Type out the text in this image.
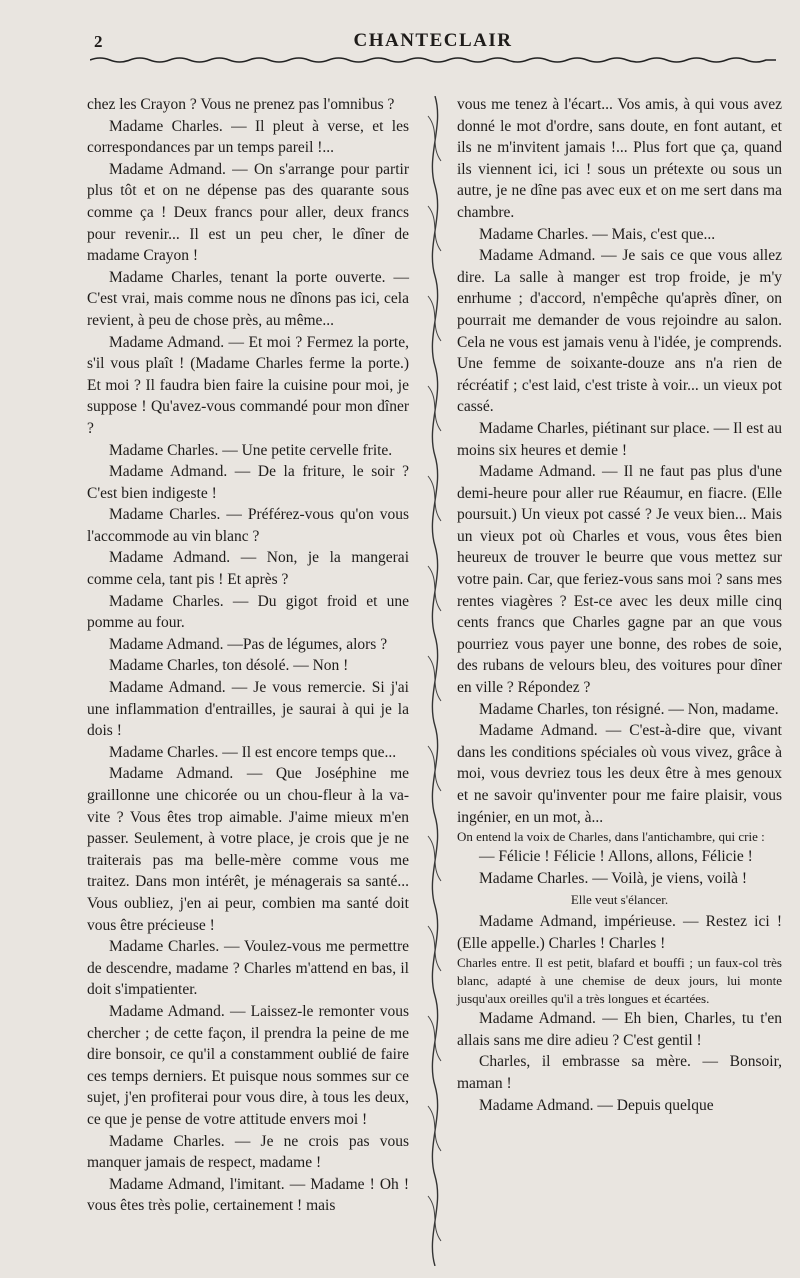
2	CHANTECLAIR

chez les Crayon ? Vous ne prenez pas l'omnibus ?

Madame Charles. — Il pleut à verse, et les correspondances par un temps pareil !...

Madame Admand. — On s'arrange pour partir plus tôt et on ne dépense pas des quarante sous comme ça ! Deux francs pour aller, deux francs pour revenir... Il est un peu cher, le dîner de madame Crayon !

Madame Charles, tenant la porte ouverte. — C'est vrai, mais comme nous ne dînons pas ici, cela revient, à peu de chose près, au même...

Madame Admand. — Et moi ? Fermez la porte, s'il vous plaît ! (Madame Charles ferme la porte.) Et moi ? Il faudra bien faire la cuisine pour moi, je suppose ! Qu'avez-vous commandé pour mon dîner ?

Madame Charles. — Une petite cervelle frite.

Madame Admand. — De la friture, le soir ? C'est bien indigeste !

Madame Charles. — Préférez-vous qu'on vous l'accommode au vin blanc ?

Madame Admand. — Non, je la mangerai comme cela, tant pis ! Et après ?

Madame Charles. — Du gigot froid et une pomme au four.

Madame Admand. —Pas de légumes, alors ?

Madame Charles, ton désolé. — Non !

Madame Admand. — Je vous remercie. Si j'ai une inflammation d'entrailles, je saurai à qui je la dois !

Madame Charles. — Il est encore temps que...

Madame Admand. — Que Joséphine me graillonne une chicorée ou un chou-fleur à la va-vite ? Vous êtes trop aimable. J'aime mieux m'en passer. Seulement, à votre place, je crois que je ne traiterais pas ma belle-mère comme vous me traitez. Dans mon intérêt, je ménagerais sa santé... Vous oubliez, j'en ai peur, combien ma santé doit vous être précieuse !

Madame Charles. — Voulez-vous me permettre de descendre, madame ? Charles m'attend en bas, il doit s'impatienter.

Madame Admand. — Laissez-le remonter vous chercher ; de cette façon, il prendra la peine de me dire bonsoir, ce qu'il a constamment oublié de faire ces temps derniers. Et puisque nous sommes sur ce sujet, j'en profiterai pour vous dire, à tous les deux, ce que je pense de votre attitude envers moi !

Madame Charles. — Je ne crois pas vous manquer jamais de respect, madame !

Madame Admand, l'imitant. — Madame ! Oh ! vous êtes très polie, certainement ! mais

vous me tenez à l'écart... Vos amis, à qui vous avez donné le mot d'ordre, sans doute, en font autant, et ils ne m'invitent jamais !... Plus fort que ça, quand ils viennent ici, ici ! sous un prétexte ou sous un autre, je ne dîne pas avec eux et on me sert dans ma chambre.

Madame Charles. — Mais, c'est que...

Madame Admand. — Je sais ce que vous allez dire. La salle à manger est trop froide, je m'y enrhume ; d'accord, n'empêche qu'après dîner, on pourrait me demander de vous rejoindre au salon. Cela ne vous est jamais venu à l'idée, je comprends. Une femme de soixante-douze ans n'a rien de récréatif ; c'est laid, c'est triste à voir... un vieux pot cassé.

Madame Charles, piétinant sur place. — Il est au moins six heures et demie !

Madame Admand. — Il ne faut pas plus d'une demi-heure pour aller rue Réaumur, en fiacre. (Elle poursuit.) Un vieux pot cassé ? Je veux bien... Mais un vieux pot où Charles et vous, vous êtes bien heureux de trouver le beurre que vous mettez sur votre pain. Car, que feriez-vous sans moi ? sans mes rentes viagères ? Est-ce avec les deux mille cinq cents francs que Charles gagne par an que vous pourriez vous payer une bonne, des robes de soie, des rubans de velours bleu, des voitures pour dîner en ville ? Répondez ?

Madame Charles, ton résigné. — Non, madame.

Madame Admand. — C'est-à-dire que, vivant dans les conditions spéciales où vous vivez, grâce à moi, vous devriez tous les deux être à mes genoux et ne savoir qu'inventer pour me faire plaisir, vous ingénier, en un mot, à...

On entend la voix de Charles, dans l'antichambre, qui crie :

— Félicie ! Félicie ! Allons, allons, Félicie !

Madame Charles. — Voilà, je viens, voilà !

Elle veut s'élancer.

Madame Admand, impérieuse. — Restez ici ! (Elle appelle.) Charles ! Charles !

Charles entre. Il est petit, blafard et bouffi ; un faux-col très blanc, adapté à une chemise de deux jours, lui monte jusqu'aux oreilles qu'il a très longues et écartées.

Madame Admand. — Eh bien, Charles, tu t'en allais sans me dire adieu ? C'est gentil !

Charles, il embrasse sa mère. — Bonsoir, maman !

Madame Admand. — Depuis quelque
